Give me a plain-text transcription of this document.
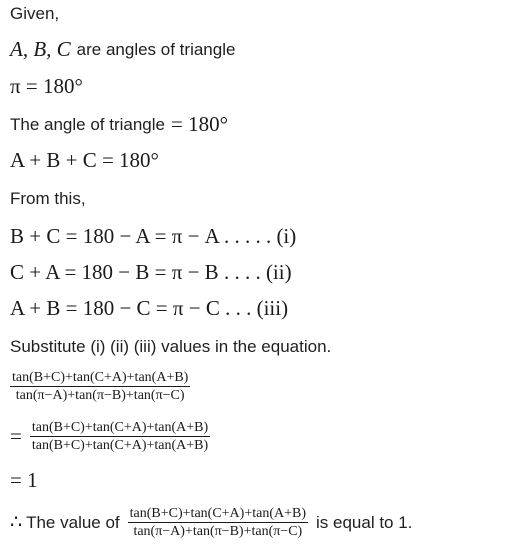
Given,
A, B, C are angles of triangle
π = 180°
The angle of triangle = 180°
A + B + C = 180°
From this,
B + C = 180 − A = π − A . . . . . (i)
C + A = 180 − B = π − B . . . . (ii)
A + B = 180 − C = π − C . . . (iii)
Substitute (i) (ii) (iii) values in the equation.
$\frac{\tan(B+C)+\tan(C+A)+\tan(A+B)}{\tan(\pi-A)+\tan(\pi-B)+\tan(\pi-C)}$
= $\frac{\tan(B+C)+\tan(C+A)+\tan(A+B)}{\tan(B+C)+\tan(C+A)+\tan(A+B)}$
= 1
∴ The value of $\frac{\tan(B+C)+\tan(C+A)+\tan(A+B)}{\tan(\pi-A)+\tan(\pi-B)+\tan(\pi-C)}$ is equal to 1.
